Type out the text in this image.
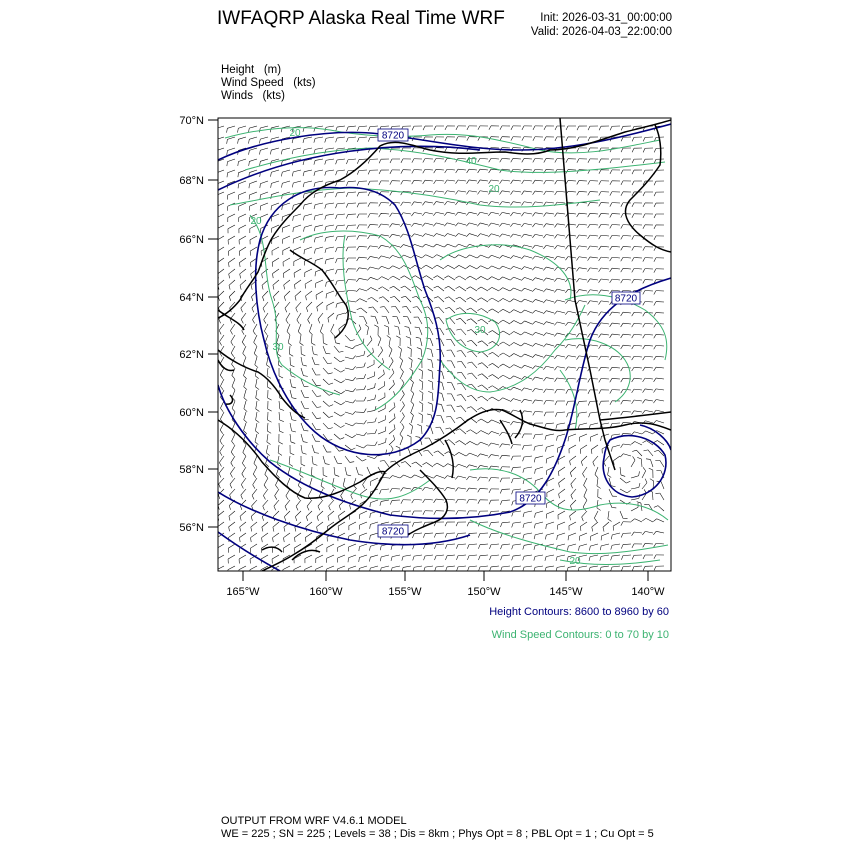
IWFAQRP Alaska Real Time WRF	Init: 2026-03-31_00:00:00
Valid: 2026-04-03_22:00:00
Height (m)
Wind Speed (kts)
Winds (kts)
8720
8720
8720
8720
20
20
40
20
30
30
20
70°N
68°N
66°N
64°N
62°N
60°N
58°N
56°N
165°W	160°W	155°W	150°W	145°W	140°W
Height Contours: 8600 to 8960 by 60
Wind Speed Contours: 0 to 70 by 10
OUTPUT FROM WRF V4.6.1 MODEL
WE = 225 ; SN = 225 ; Levels = 38 ; Dis = 8km ; Phys Opt = 8 ; PBL Opt = 1 ; Cu Opt = 5
